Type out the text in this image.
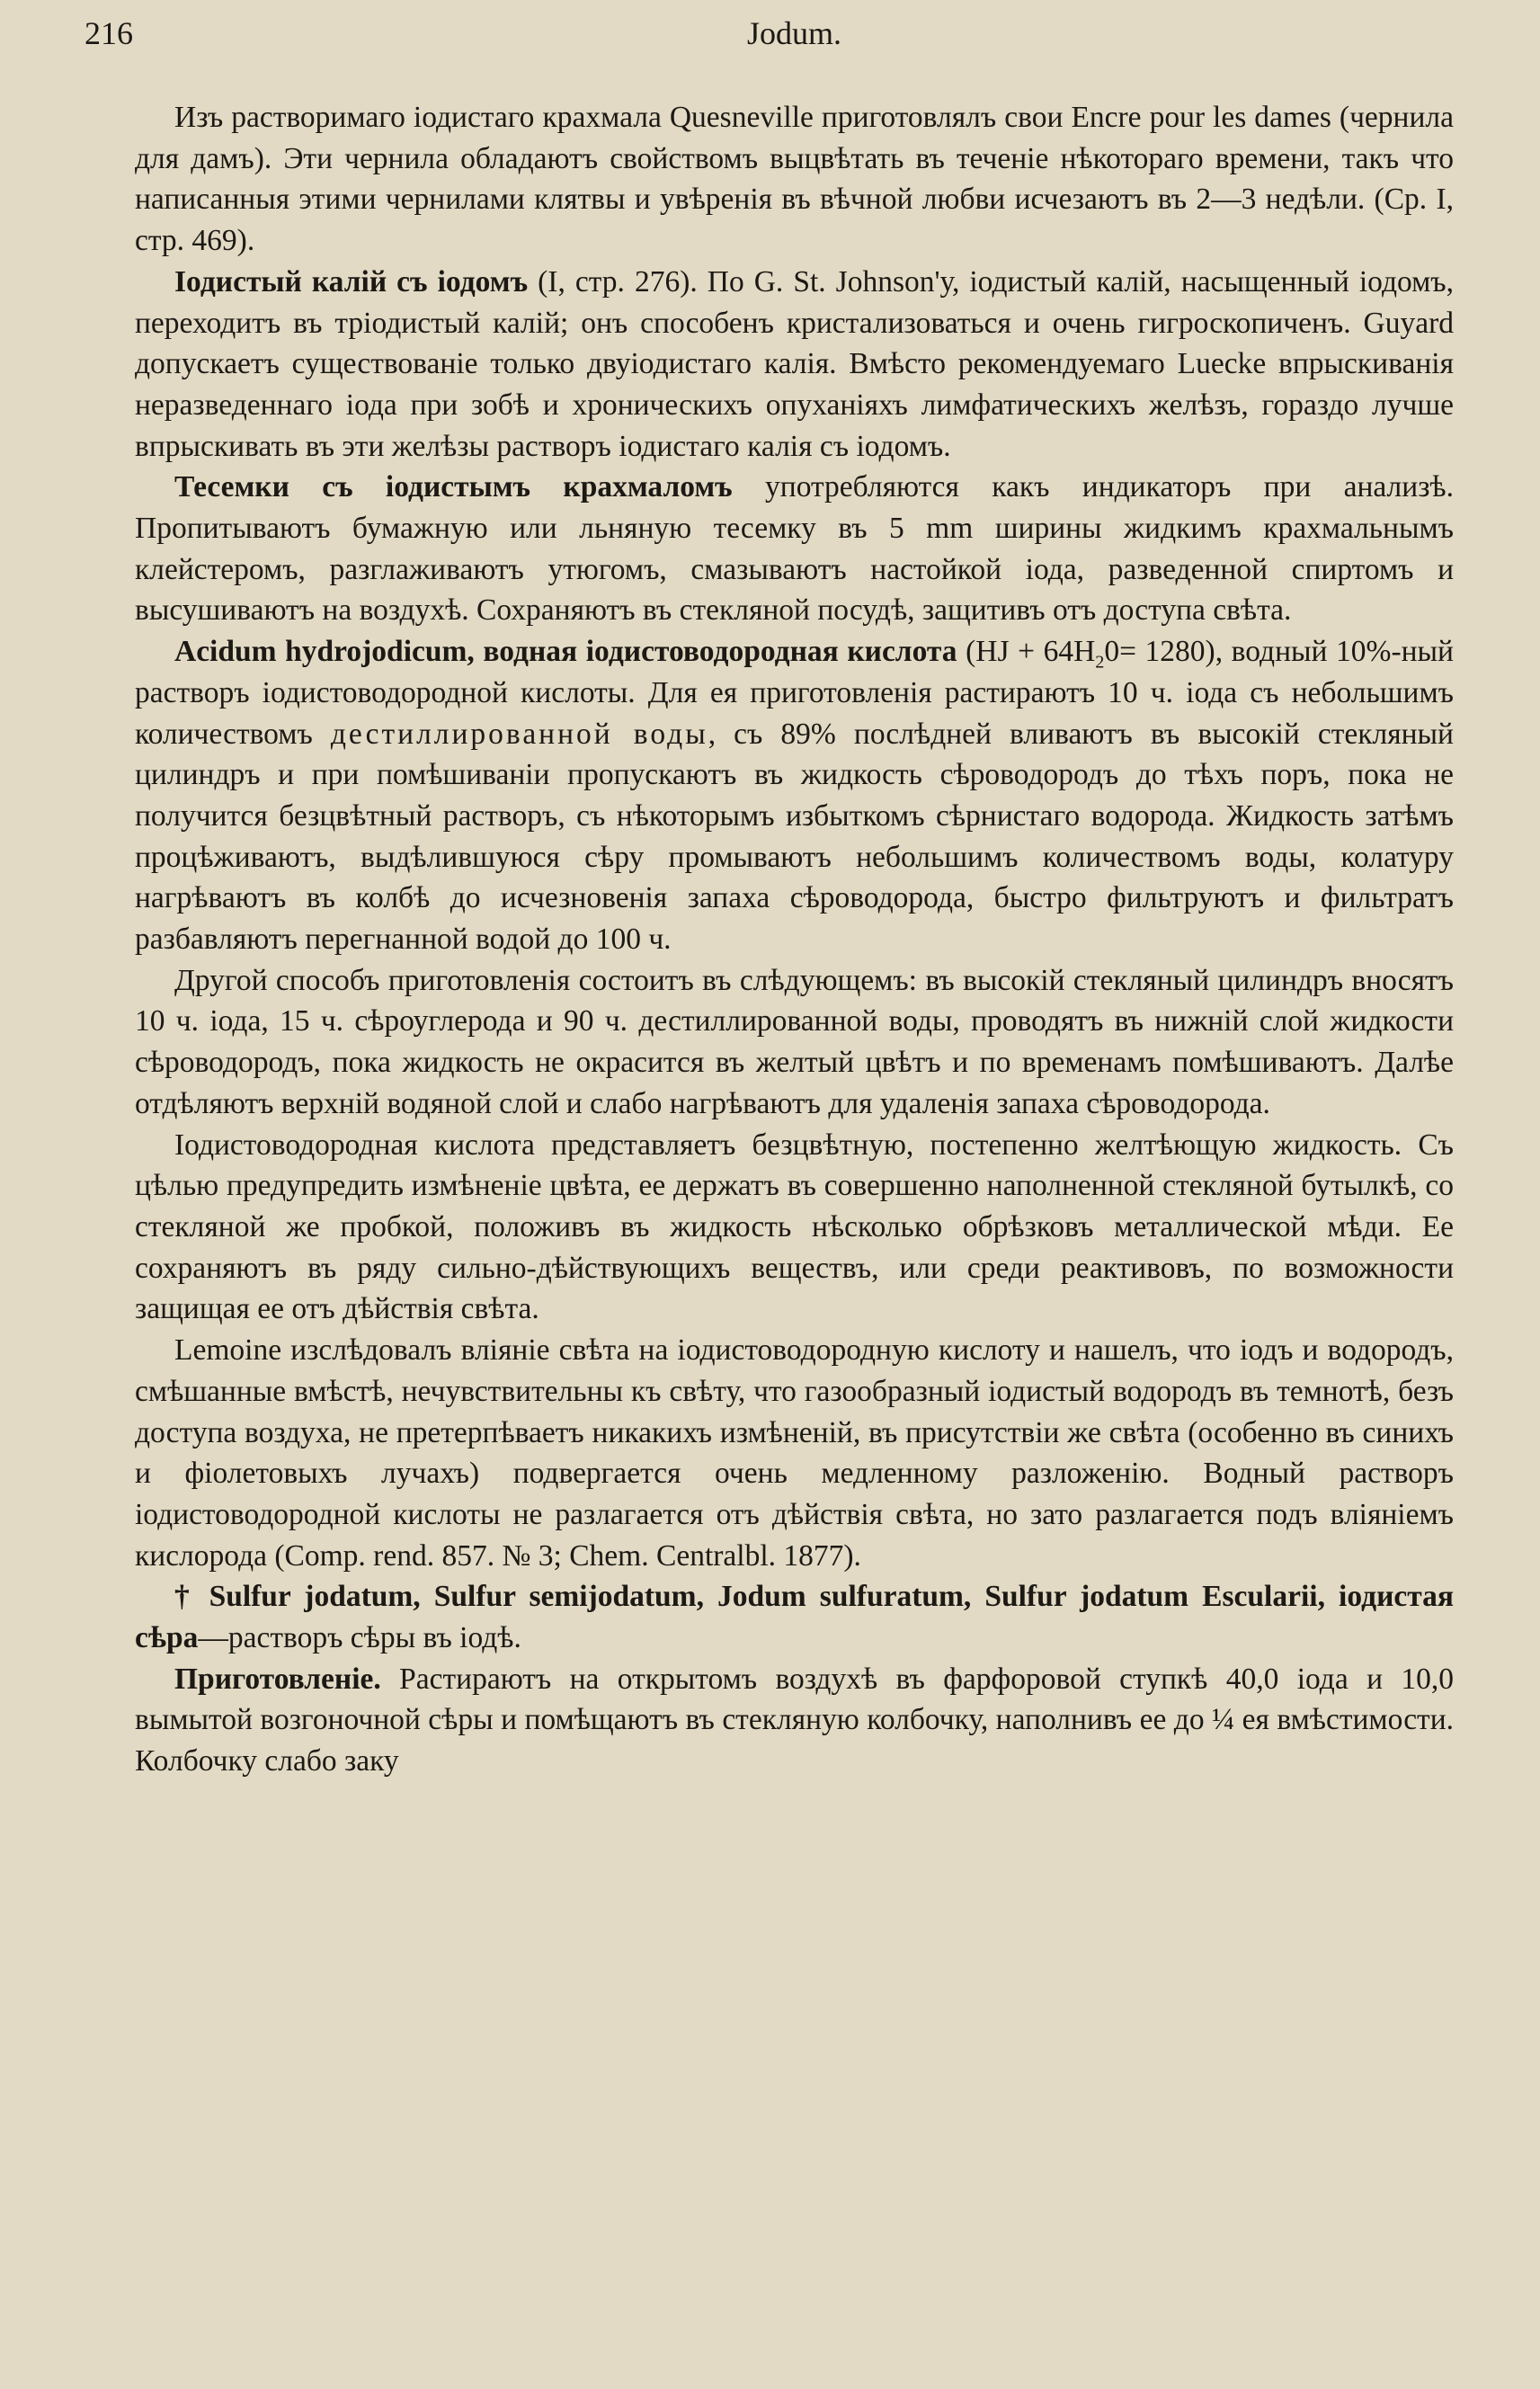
216	Jodum.

Изъ растворимаго іодистаго крахмала Quesneville приготовлялъ свои Encre pour les dames (чернила для дамъ). Эти чернила обладаютъ свойствомъ выцвѣтать въ теченіе нѣкотораго времени, такъ что написанныя этими чернилами клятвы и увѣренія въ вѣчной любви исчезаютъ въ 2—3 недѣли. (Ср. I, стр. 469).

Іодистый калій съ іодомъ (I, стр. 276). По G. St. Johnson'у, іодистый калій, насыщенный іодомъ, переходитъ въ тріодистый калій; онъ способенъ кристализоваться и очень гигроскопиченъ. Guyard допускаетъ существованіе только двуіодистаго калія. Вмѣсто рекомендуемаго Luecke впрыскиванія неразведеннаго іода при зобѣ и хроническихъ опуханіяхъ лимфатическихъ желѣзъ, гораздо лучше впрыскивать въ эти желѣзы растворъ іодистаго калія съ іодомъ.

Тесемки съ іодистымъ крахмаломъ употребляются какъ индикаторъ при анализѣ. Пропитываютъ бумажную или льняную тесемку въ 5 mm ширины жидкимъ крахмальнымъ клейстеромъ, разглаживаютъ утюгомъ, смазываютъ настойкой іода, разведенной спиртомъ и высушиваютъ на воздухѣ. Сохраняютъ въ стекляной посудѣ, защитивъ отъ доступа свѣта.

Acidum hydrojodicum, водная іодистоводородная кислота $(HJ + 64H_20= 1280)$, водный 10%-ный растворъ іодистоводородной кислоты. Для ея приготовленія растираютъ 10 ч. іода съ небольшимъ количествомъ дестиллированной воды, съ 89% послѣдней вливаютъ въ высокій стекляный цилиндръ и при помѣшиваніи пропускаютъ въ жидкость сѣроводородъ до тѣхъ поръ, пока не получится безцвѣтный растворъ, съ нѣкоторымъ избыткомъ сѣрнистаго водорода. Жидкость затѣмъ процѣживаютъ, выдѣлившуюся сѣру промываютъ небольшимъ количествомъ воды, колатуру нагрѣваютъ въ колбѣ до исчезновенія запаха сѣроводорода, быстро фильтруютъ и фильтратъ разбавляютъ перегнанной водой до 100 ч.

Другой способъ приготовленія состоитъ въ слѣдующемъ: въ высокій стекляный цилиндръ вносятъ 10 ч. іода, 15 ч. сѣроуглерода и 90 ч. дестиллированной воды, проводятъ въ нижній слой жидкости сѣроводородъ, пока жидкость не окрасится въ желтый цвѣтъ и по временамъ помѣшиваютъ. Далѣе отдѣляютъ верхній водяной слой и слабо нагрѣваютъ для удаленія запаха сѣроводорода.

Іодистоводородная кислота представляетъ безцвѣтную, постепенно желтѣющую жидкость. Съ цѣлью предупредить измѣненіе цвѣта, ее держатъ въ совершенно наполненной стекляной бутылкѣ, со стекляной же пробкой, положивъ въ жидкость нѣсколько обрѣзковъ металлической мѣди. Ее сохраняютъ въ ряду сильно-дѣйствующихъ веществъ, или среди реактивовъ, по возможности защищая ее отъ дѣйствія свѣта.

Lemoine изслѣдовалъ вліяніе свѣта на іодистоводородную кислоту и нашелъ, что іодъ и водородъ, смѣшанные вмѣстѣ, нечувствительны къ свѣту, что газообразный іодистый водородъ въ темнотѣ, безъ доступа воздуха, не претерпѣваетъ никакихъ измѣненій, въ присутствіи же свѣта (особенно въ синихъ и фіолетовыхъ лучахъ) подвергается очень медленному разложенію. Водный растворъ іодистоводородной кислоты не разлагается отъ дѣйствія свѣта, но зато разлагается подъ вліяніемъ кислорода (Comp. rend. 857. № 3; Chem. Centralbl. 1877).

† Sulfur jodatum, Sulfur semijodatum, Jodum sulfuratum, Sulfur jodatum Escularii, іодистая сѣра—растворъ сѣры въ іодѣ.

Приготовленіе. Растираютъ на открытомъ воздухѣ въ фарфоровой ступкѣ 40,0 іода и 10,0 вымытой возгоночной сѣры и помѣщаютъ въ стекляную колбочку, наполнивъ ее до ¼ ея вмѣстимости. Колбочку слабо заку
